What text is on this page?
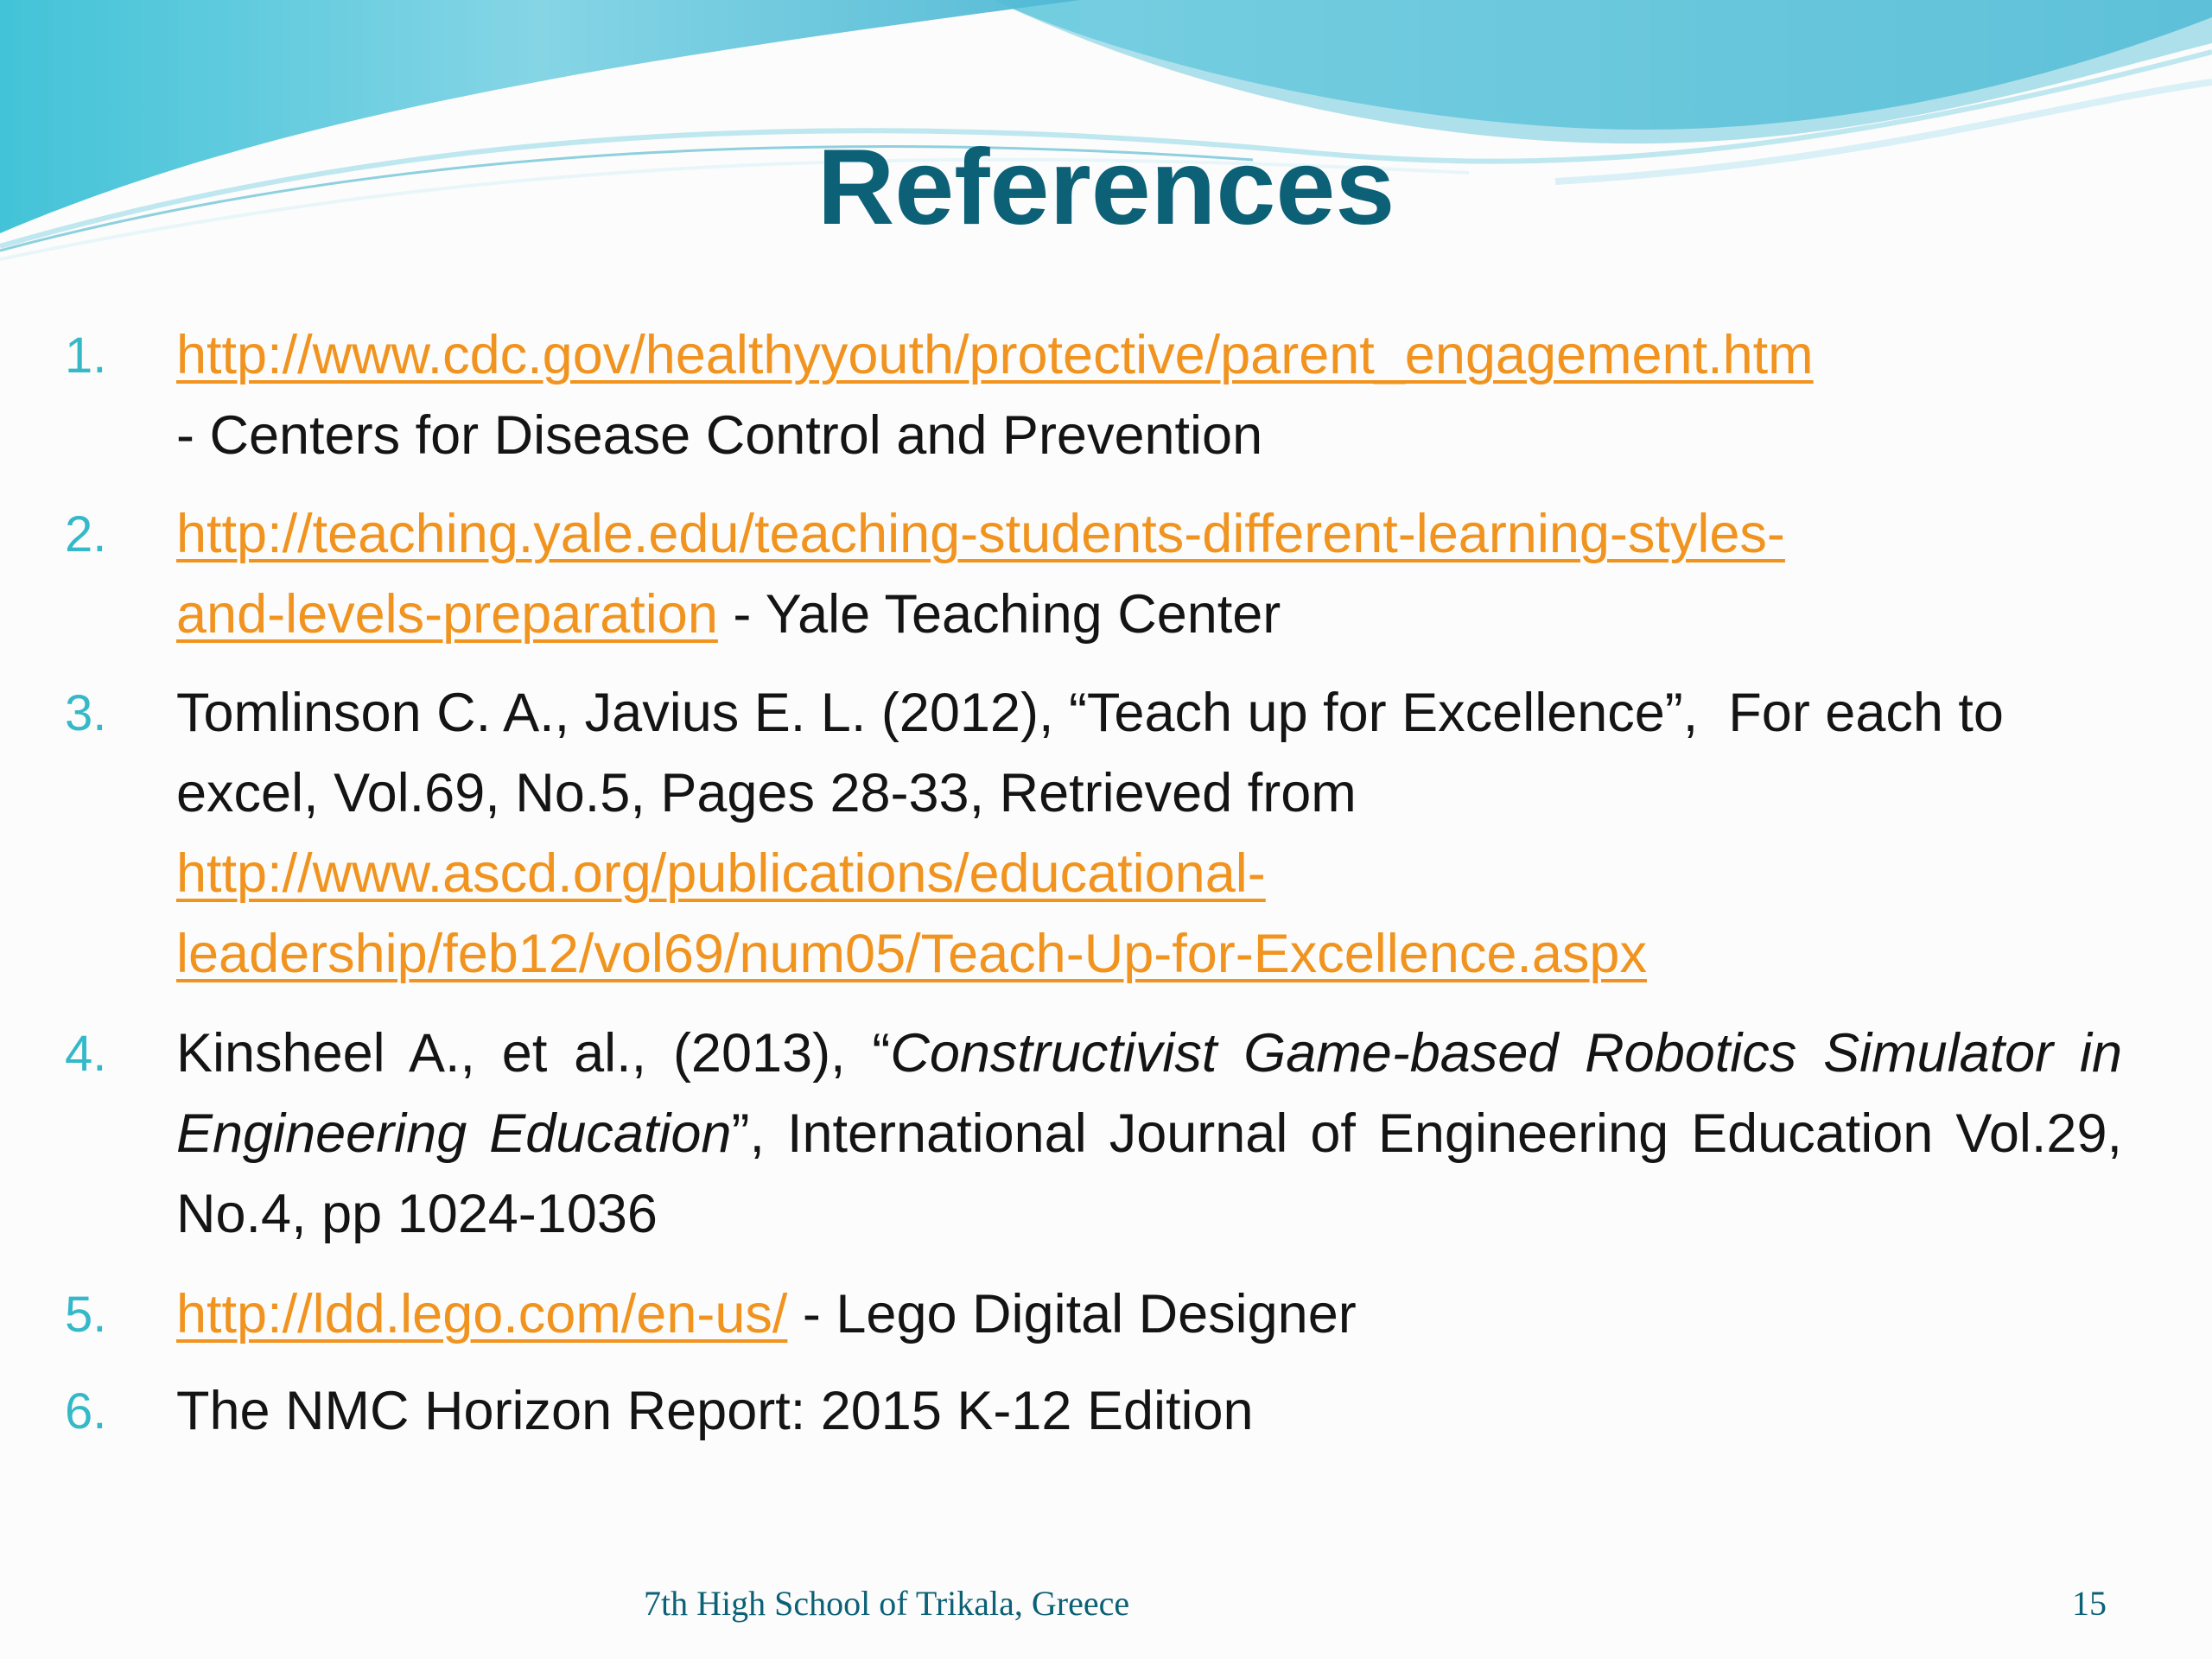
References
1.	http://www.cdc.gov/healthyyouth/protective/parent_engagement.htm
- Centers for Disease Control and Prevention
2.	http://teaching.yale.edu/teaching-students-different-learning-styles-
and-levels-preparation - Yale Teaching Center
3.	Tomlinson C. A., Javius E. L. (2012), “Teach up for Excellence”,  For each to excel, Vol.69, No.5, Pages 28-33, Retrieved from
http://www.ascd.org/publications/educational-
leadership/feb12/vol69/num05/Teach-Up-for-Excellence.aspx
4.	Kinsheel A., et al., (2013), “Constructivist Game-based Robotics Simulator in Engineering Education”, International Journal of Engineering Education Vol.29, No.4, pp 1024-1036
5.	http://ldd.lego.com/en-us/ - Lego Digital Designer
6.	The NMC Horizon Report: 2015 K-12 Edition
7th High School of Trikala, Greece	15
